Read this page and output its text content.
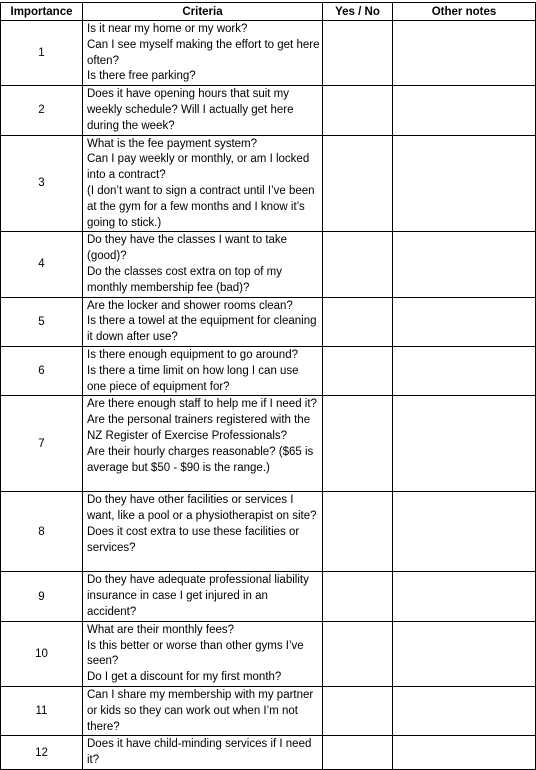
Importance	Criteria	Yes / No	Other notes
1	Is it near my home or my work?
Can I see myself making the effort to get here often?
Is there free parking?		

2	Does it have opening hours that suit my weekly schedule? Will I actually get here during the week?		

3	What is the fee payment system?
Can I pay weekly or monthly, or am I locked into a contract?
(I don’t want to sign a contract until I’ve been at the gym for a few months and I know it’s going to stick.)		

4	Do they have the classes I want to take (good)?
Do the classes cost extra on top of my monthly membership fee (bad)?		

5	Are the locker and shower rooms clean?
Is there a towel at the equipment for cleaning it down after use?		

6	Is there enough equipment to go around?
Is there a time limit on how long I can use one piece of equipment for?		

7	Are there enough staff to help me if I need it?
Are the personal trainers registered with the NZ Register of Exercise Professionals?
Are their hourly charges reasonable? ($65 is average but $50 - $90 is the range.)		

8	Do they have other facilities or services I want, like a pool or a physiotherapist on site?
Does it cost extra to use these facilities or services?		

9	Do they have adequate professional liability insurance in case I get injured in an accident?		

10	What are their monthly fees?
Is this better or worse than other gyms I’ve seen?
Do I get a discount for my first month?		

11	Can I share my membership with my partner or kids so they can work out when I’m not there?		

12	Does it have child-minding services if I need it?		
